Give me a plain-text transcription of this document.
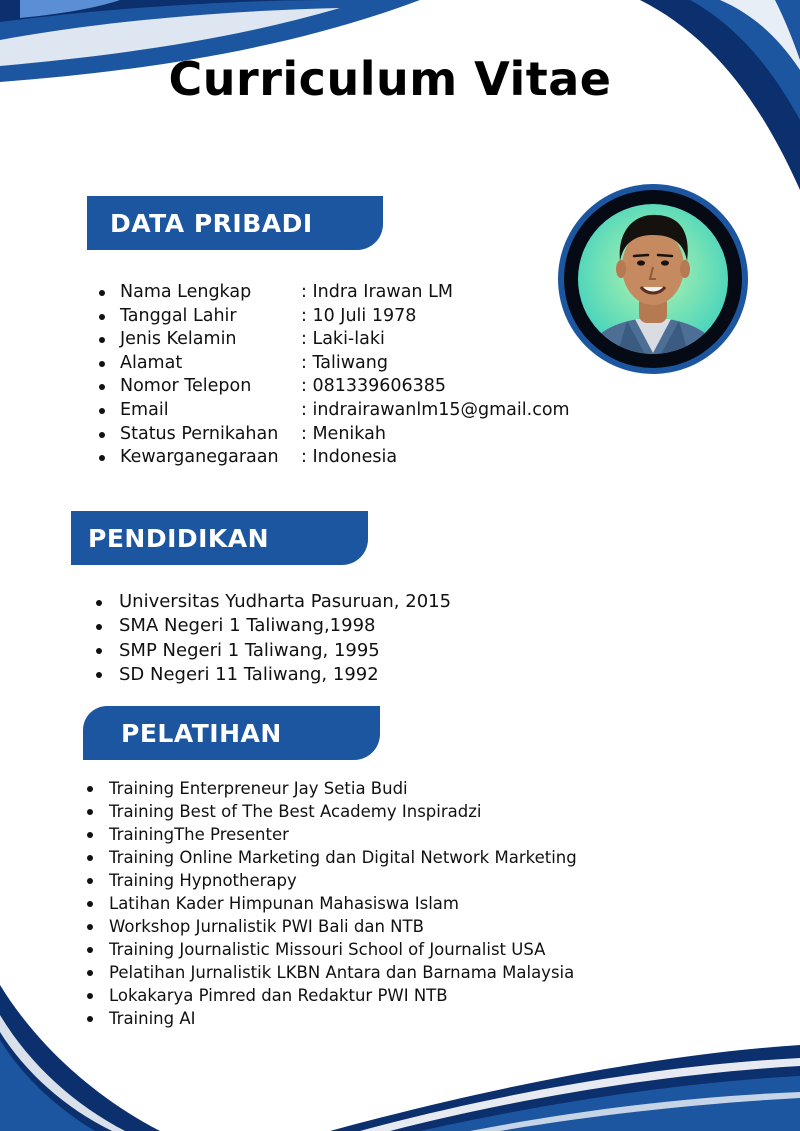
Curriculum Vitae
DATA PRIBADI
Nama Lengkap	: Indra Irawan LM
Tanggal Lahir	: 10 Juli 1978
Jenis Kelamin	: Laki-laki
Alamat	: Taliwang
Nomor Telepon	: 081339606385
Email	: indrairawanlm15@gmail.com
Status Pernikahan : Menikah
Kewarganegaraan : Indonesia
PENDIDIKAN
Universitas Yudharta Pasuruan, 2015
SMA Negeri 1 Taliwang,1998
SMP Negeri 1 Taliwang, 1995
SD Negeri 11 Taliwang, 1992
PELATIHAN
Training Enterpreneur Jay Setia Budi
Training Best of The Best Academy Inspiradzi
TrainingThe Presenter
Training Online Marketing dan Digital Network Marketing
Training Hypnotherapy
Latihan Kader Himpunan Mahasiswa Islam
Workshop Jurnalistik PWI Bali dan NTB
Training Journalistic Missouri School of Journalist USA
Pelatihan Jurnalistik LKBN Antara dan Barnama Malaysia
Lokakarya Pimred dan Redaktur PWI NTB
Training AI
